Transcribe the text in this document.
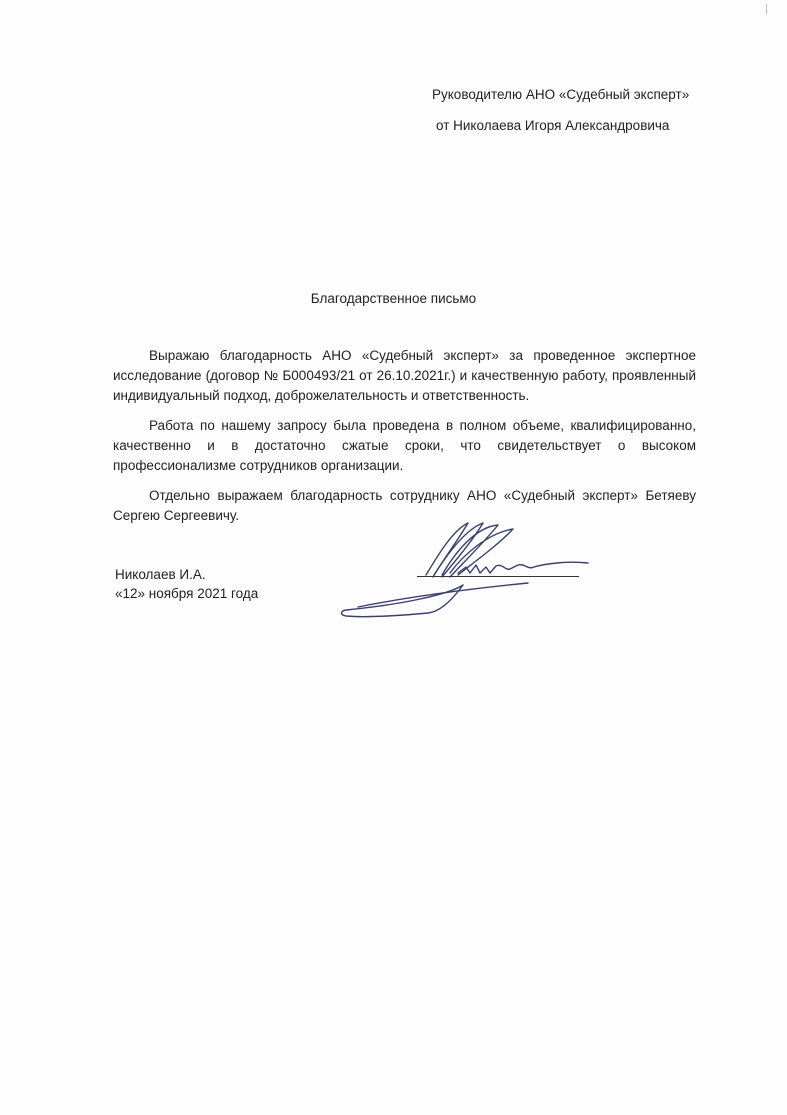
Руководителю АНО «Судебный эксперт»
от Николаева Игоря Александровича
Благодарственное письмо

Выражаю благодарность АНО «Судебный эксперт» за проведенное экспертное исследование (договор № Б000493/21 от 26.10.2021г.) и качественную работу, проявленный индивидуальный подход, доброжелательность и ответственность.

Работа по нашему запросу была проведена в полном объеме, квалифицированно, качественно и в достаточно сжатые сроки, что свидетельствует о высоком профессионализме сотрудников организации.

Отдельно выражаем благодарность сотруднику АНО «Судебный эксперт» Бетяеву Сергею Сергеевичу.

Николаев И.А.
«12» ноября 2021 года
